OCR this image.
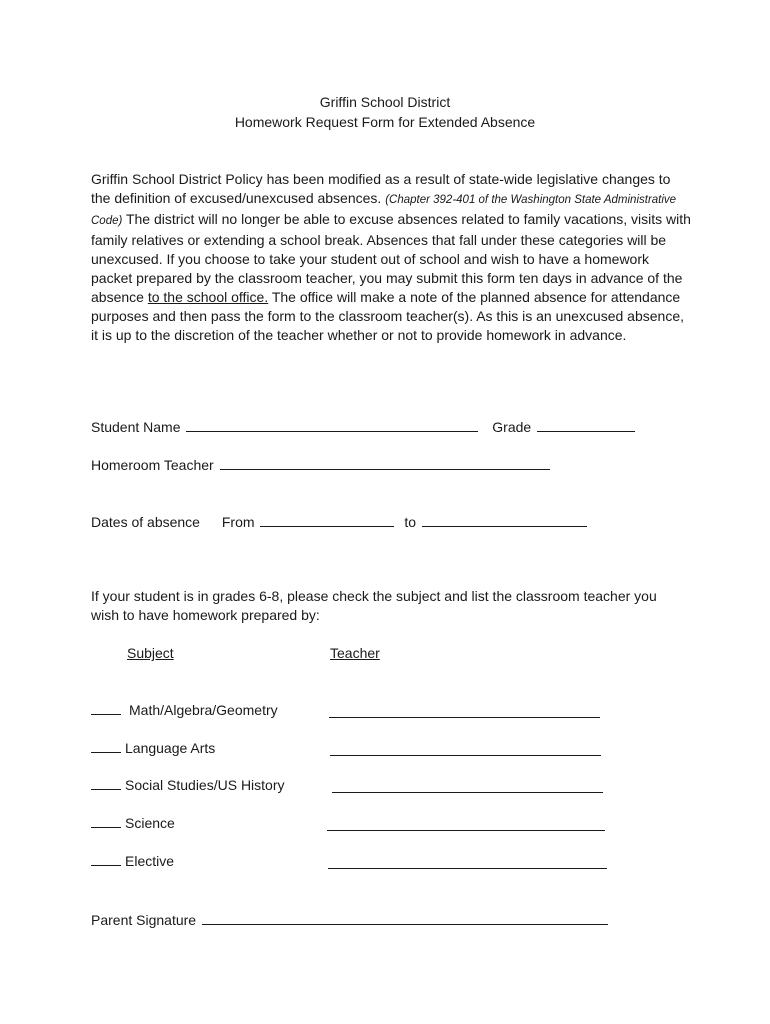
Griffin School District
Homework Request Form for Extended Absence
Griffin School District Policy has been modified as a result of state-wide legislative changes to the definition of excused/unexcused absences. (Chapter 392-401 of the Washington State Administrative Code) The district will no longer be able to excuse absences related to family vacations, visits with family relatives or extending a school break. Absences that fall under these categories will be unexcused. If you choose to take your student out of school and wish to have a homework packet prepared by the classroom teacher, you may submit this form ten days in advance of the absence to the school office. The office will make a note of the planned absence for attendance purposes and then pass the form to the classroom teacher(s). As this is an unexcused absence, it is up to the discretion of the teacher whether or not to provide homework in advance.
Student Name	Grade
Homeroom Teacher
Dates of absence From	to
If your student is in grades 6-8, please check the subject and list the classroom teacher you wish to have homework prepared by:
Subject	Teacher
Math/Algebra/Geometry
Language Arts
Social Studies/US History
Science
Elective
Parent Signature
